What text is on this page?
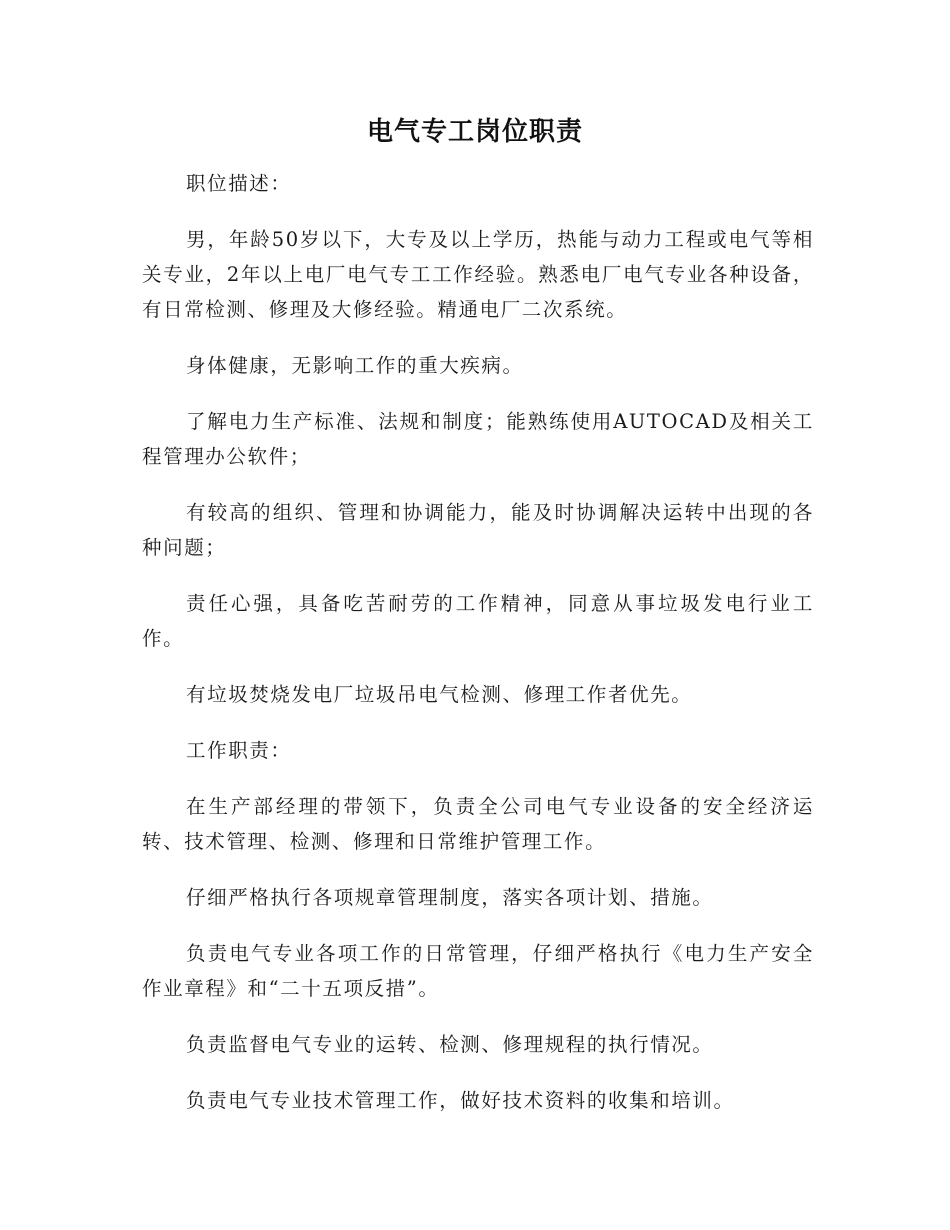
电气专工岗位职责

职位描述：

男，年龄50岁以下，大专及以上学历，热能与动力工程或电气等相关专业，2年以上电厂电气专工工作经验。熟悉电厂电气专业各种设备，有日常检测、修理及大修经验。精通电厂二次系统。

身体健康，无影响工作的重大疾病。

了解电力生产标准、法规和制度；能熟练使用AUTOCAD及相关工程管理办公软件；

有较高的组织、管理和协调能力，能及时协调解决运转中出现的各种问题；

责任心强，具备吃苦耐劳的工作精神，同意从事垃圾发电行业工作。

有垃圾焚烧发电厂垃圾吊电气检测、修理工作者优先。

工作职责：

在生产部经理的带领下，负责全公司电气专业设备的安全经济运转、技术管理、检测、修理和日常维护管理工作。

仔细严格执行各项规章管理制度，落实各项计划、措施。

负责电气专业各项工作的日常管理，仔细严格执行《电力生产安全作业章程》和“二十五项反措”。

负责监督电气专业的运转、检测、修理规程的执行情况。

负责电气专业技术管理工作，做好技术资料的收集和培训。
